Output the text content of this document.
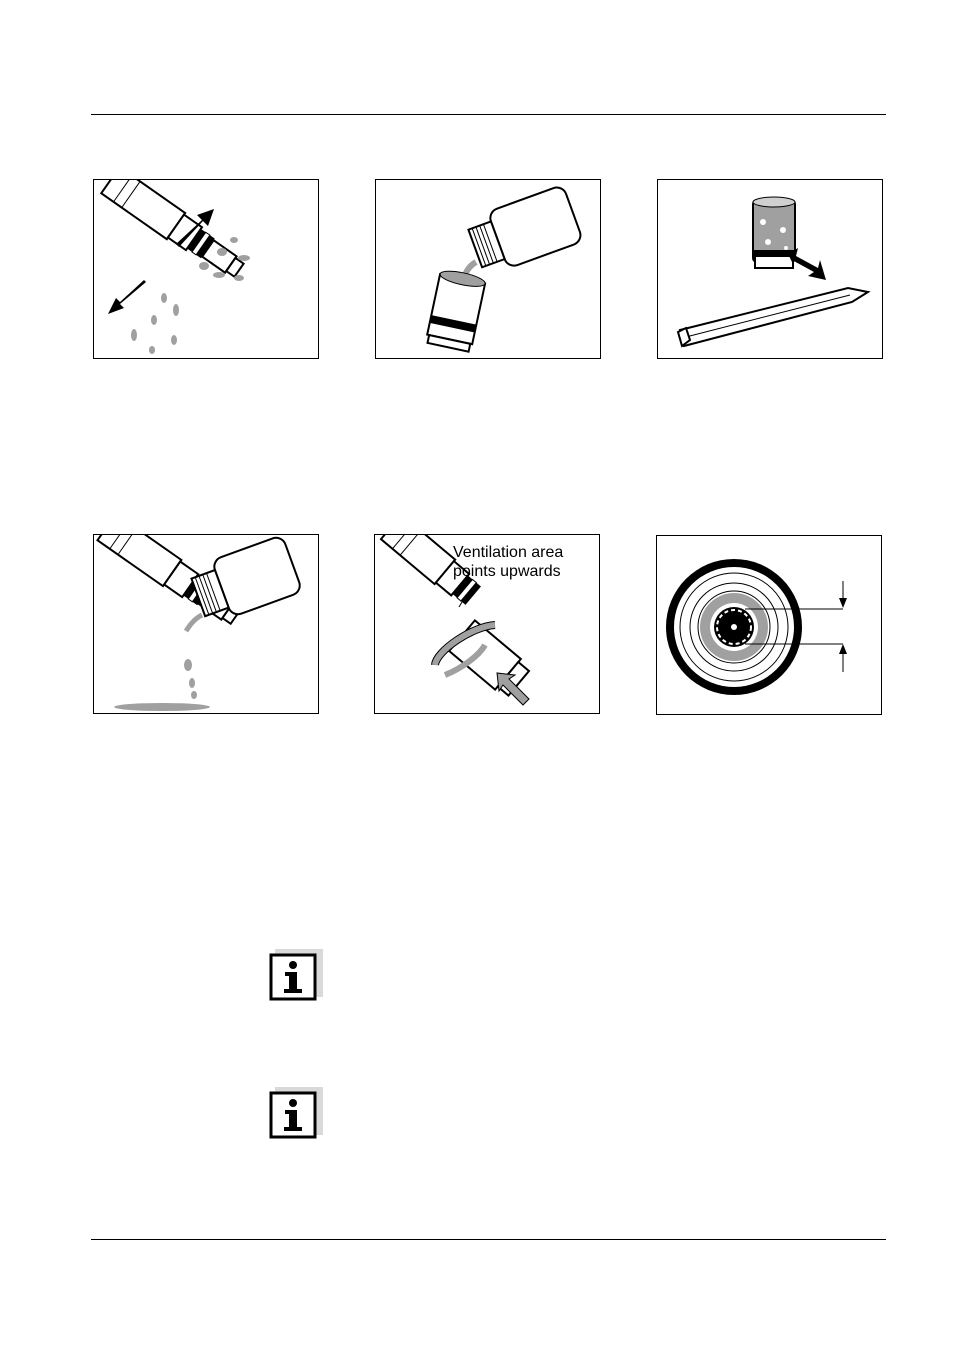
Ventilation area
points upwards
